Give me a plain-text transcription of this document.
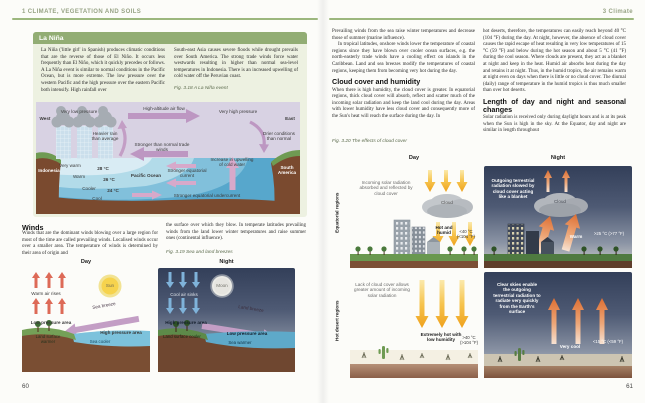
1 CLIMATE, VEGETATION AND SOILS
La Niña
La Niña ('little girl' in Spanish) produces climatic conditions that are the reverse of those of El Niño. It occurs less frequently than El Niño, which it quickly precedes or follows. A La Niña event is similar to normal conditions in the Pacific Ocean, but is more extreme. The low pressure over the western Pacific and the high pressure over the eastern Pacific both intensify. High rainfall over
South-east Asia causes severe floods while drought prevails over South America. The strong trade winds force water westwards resulting in higher than normal sea-level temperatures in Indonesia. There is an increased upwelling of cold water off the Peruvian coast.
Fig. 3.18 A La Niña event
West	East
Very low pressure
High-altitude air flow
Very high pressure
Heavier rain than average
Stronger than normal trade winds
Drier conditions than normal
Indonesia
South America
Very warm
28 °C
Warm
26 °C
Cooler	24 °C
Cool
Pacific Ocean
Stronger equatorial current
Increase in upwelling of cold water
Stronger equatorial undercurrent
Winds
Winds that are the dominant winds blowing over a large region for most of the time are called prevailing winds. Localised winds occur over a smaller area. The temperature of winds is determined by their area of origin and
the surface over which they blow. In temperate latitudes prevailing winds from the land lower winter temperatures and raise summer ones (continental influence).
Fig. 3.19 Sea and land breezes
Day	Night
Warm air rises
Sun
Sea breeze
Low pressure area
High pressure area
Land surface warmer	Sea cooler
Cool air sinks
Moon
Land breeze
High pressure area
Low pressure area
Land surface cooler
Sea warmer
60
3 Climate

Prevailing winds from the sea raise winter temperatures and decrease those of summer (marine influence).

In tropical latitudes, onshore winds lower the temperature of coastal regions since they have blown over cooler ocean surfaces, e.g. the north-easterly trade winds have a cooling effect on islands in the Caribbean. Land and sea breezes modify the temperatures of coastal regions, keeping them from becoming very hot during the day.

Cloud cover and humidity

When there is high humidity, the cloud cover is greater. In equatorial regions, thick cloud cover will absorb, reflect and scatter much of the incoming solar radiation and keep the land cool during the day. Areas with lower humidity have less cloud cover and consequently more of the Sun's heat will reach the surface during the day. In

hot deserts, therefore, the temperatures can easily reach beyond 40 °C (104 °F) during the day. At night, however, the absence of cloud cover causes the rapid escape of heat resulting in very low temperatures of 15 °C (59 °F) and below during the hot season and about 5 °C (41 °F) during the cool season. Where clouds are present, they act as a blanket at night and keep in the heat. Humid air absorbs heat during the day and retains it at night. Thus, in the humid tropics, the air remains warm at night even on days when there is little or no cloud cover. The diurnal (daily) range of temperature in the humid tropics is thus much smaller than over hot deserts.

Length of day and night and seasonal changes

Solar radiation is received only during daylight hours and is at its peak when the Sun is high in the sky. At the Equator, day and night are similar in length throughout

Fig. 3.20 The effects of cloud cover
Day	Night
Equatorial regions
Hot desert regions
Incoming solar radiation absorbed and reflected by cloud cover
Cloud
Hot and humid	<40 °C (<104 °F)
Outgoing terrestrial radiation slowed by cloud cover acting like a blanket
Cloud
Warm
>25 °C (>77 °F)
Lack of cloud cover allows greater amount of incoming solar radiation
Extremely hot with low humidity	>40 °C (>104 °F)
Clear skies enable the outgoing terrestrial radiation to radiate very quickly from the Earth's surface
Very cool
<15 °C (<59 °F)
61
